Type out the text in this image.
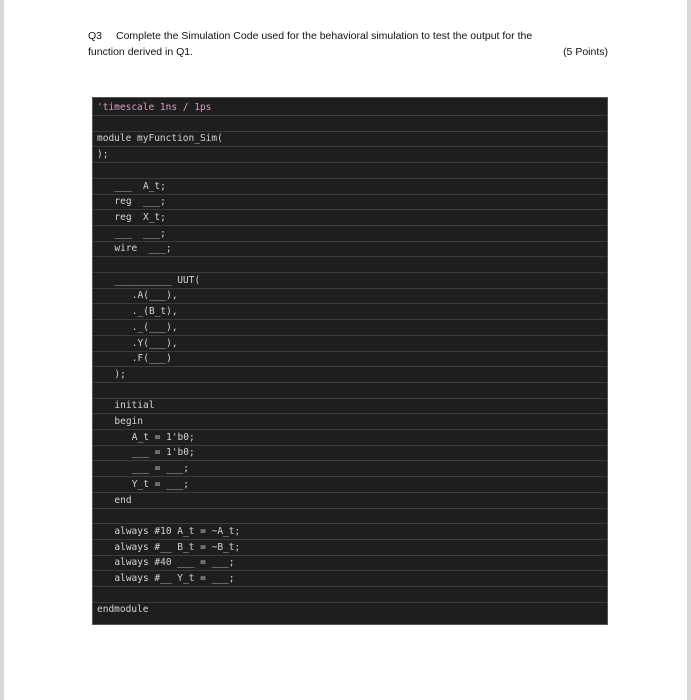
Q3 Complete the Simulation Code used for the behavioral simulation to test the output for the
function derived in Q1.	(5 Points)
'timescale 1ns / 1ps
module myFunction_Sim(
);
___  A_t;
reg  ___;
reg  X_t;
___  ___;
wire  ___;
__________ UUT(
.A(___),
._(B_t),
._(___),
.Y(___),
.F(___)
);
initial
begin
A_t = 1'b0;
___ = 1'b0;
___ = ___;
Y_t = ___;
end
always #10 A_t = ~A_t;
always #__ B_t = ~B_t;
always #40 ___ = ___;
always #__ Y_t = ___;
endmodule
